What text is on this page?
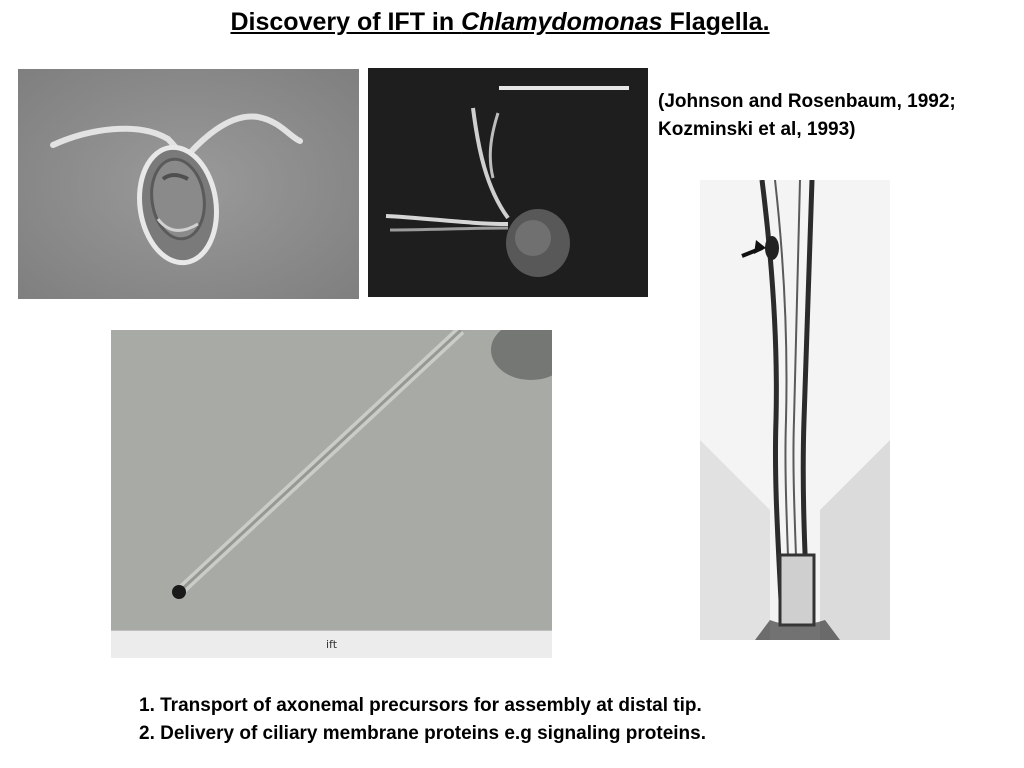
Discovery of IFT in Chlamydomonas Flagella.
(Johnson and Rosenbaum, 1992;
Kozminski et al, 1993)
ift
1. Transport of axonemal precursors for assembly at distal tip.
2. Delivery of ciliary membrane proteins e.g signaling proteins.
